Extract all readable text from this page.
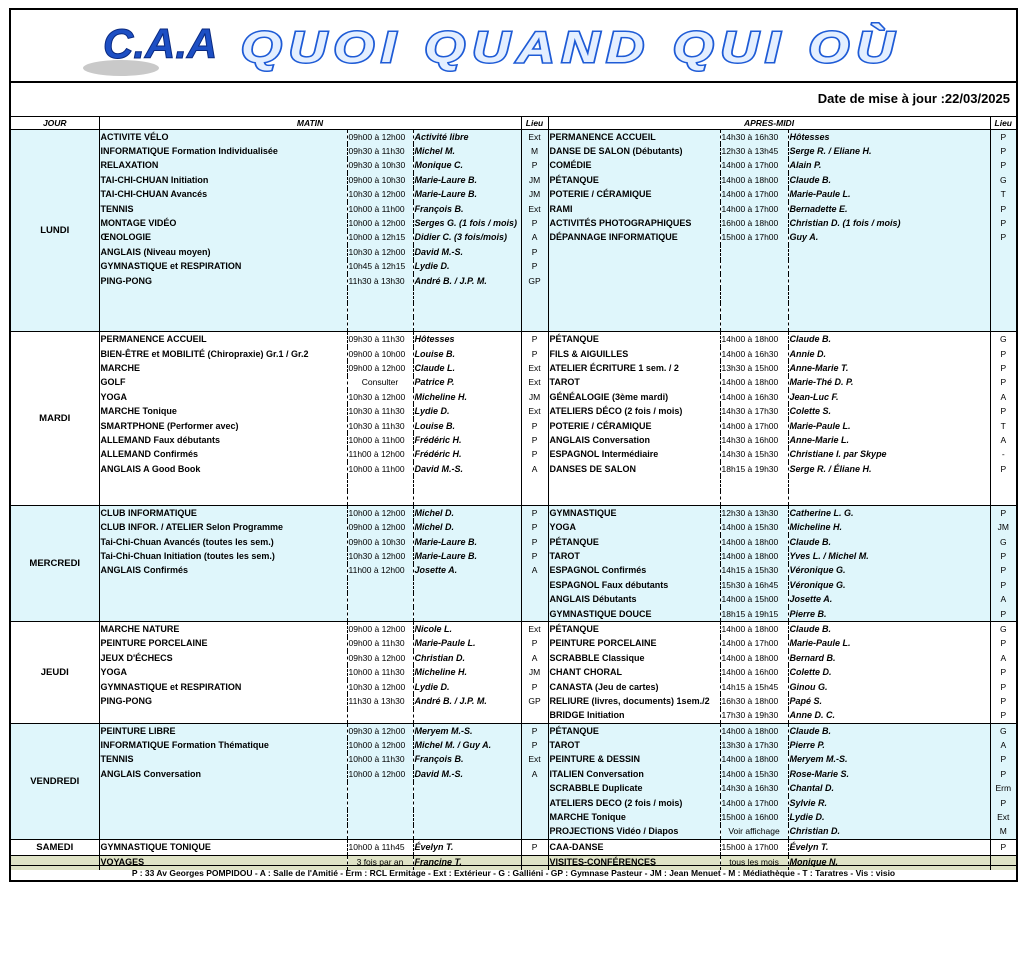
C.A.A QUOI QUAND QUI OÙ
Date de mise à jour :22/03/2025
JOUR	MATIN			Lieu	APRES-MIDI			Lieu
LUNDI	ACTIVITE VÉLO	09h00 à 12h00	Activité libre	Ext	PERMANENCE ACCUEIL	14h30 à 16h30	Hôtesses	P
	INFORMATIQUE Formation Individualisée	09h30 à 11h30	Michel M.	M	DANSE DE SALON (Débutants)	12h30 à 13h45	Serge R. / Eliane H.	P
	RELAXATION	09h30 à 10h30	Monique C.	P	COMÉDIE	14h00 à 17h00	Alain P.	P
	TAI-CHI-CHUAN Initiation	09h00 à 10h30	Marie-Laure B.	JM	PÉTANQUE	14h00 à 18h00	Claude B.	G
	TAI-CHI-CHUAN Avancés	10h30 à 12h00	Marie-Laure B.	JM	POTERIE / CÉRAMIQUE	14h00 à 17h00	Marie-Paule L.	T
	TENNIS	10h00 à 11h00	François B.	Ext	RAMI	14h00 à 17h00	Bernadette E.	P
	MONTAGE VIDÉO	10h00 à 12h00	Serges G. (1 fois / mois)	P	ACTIVITÉS PHOTOGRAPHIQUES	16h00 à 18h00	Christian D. (1 fois / mois)	P
	ŒNOLOGIE	10h00 à 12h15	Didier C. (3 fois/mois)	A	DÉPANNAGE INFORMATIQUE	15h00 à 17h00	Guy A.	P
	ANGLAIS (Niveau moyen)	10h30 à 12h00	David M.-S.	P				
	GYMNASTIQUE et RESPIRATION	10h45 à 12h15	Lydie D.	P				
	PING-PONG	11h30 à 13h30	André B. / J.P. M.	GP				

MARDI	PERMANENCE ACCUEIL	09h30 à 11h30	Hôtesses	P	PÉTANQUE	14h00 à 18h00	Claude B.	G
	BIEN-ÊTRE et MOBILITÉ (Chiropraxie) Gr.1 / Gr.2	09h00 à 10h00	Louise B.	P	FILS & AIGUILLES	14h00 à 16h30	Annie D.	P
	MARCHE	09h00 à 12h00	Claude L.	Ext	ATELIER ÉCRITURE 1 sem. / 2	13h30 à 15h00	Anne-Marie T.	P
	GOLF	Consulter	Patrice P.	Ext	TAROT	14h00 à 18h00	Marie-Thé D. P.	P
	YOGA	10h30 à 12h00	Micheline H.	JM	GÉNÉALOGIE (3ème mardi)	14h00 à 16h30	Jean-Luc F.	A
	MARCHE Tonique	10h30 à 11h30	Lydie D.	Ext	ATELIERS DÉCO (2 fois / mois)	14h30 à 17h30	Colette S.	P
	SMARTPHONE (Performer avec)	10h30 à 11h30	Louise B.	P	POTERIE / CÉRAMIQUE	14h00 à 17h00	Marie-Paule L.	T
	ALLEMAND Faux débutants	10h00 à 11h00	Frédéric H.	P	ANGLAIS Conversation	14h30 à 16h00	Anne-Marie L.	A
	ALLEMAND Confirmés	11h00 à 12h00	Frédéric H.	P	ESPAGNOL Intermédiaire	14h30 à 15h30	Christiane I. par Skype	-
	ANGLAIS A Good Book	10h00 à 11h00	David M.-S.	A	DANSES DE SALON	18h15 à 19h30	Serge R. / Éliane H.	P

MERCREDI	CLUB INFORMATIQUE	10h00 à 12h00	Michel D.	P	GYMNASTIQUE	12h30 à 13h30	Catherine L. G.	P
	CLUB INFOR. / ATELIER Selon Programme	09h00 à 12h00	Michel D.	P	YOGA	14h00 à 15h30	Micheline H.	JM
	Tai-Chi-Chuan Avancés (toutes les sem.)	09h00 à 10h30	Marie-Laure B.	P	PÉTANQUE	14h00 à 18h00	Claude B.	G
	Tai-Chi-Chuan Initiation (toutes les sem.)	10h30 à 12h00	Marie-Laure B.	P	TAROT	14h00 à 18h00	Yves L. / Michel M.	P
	ANGLAIS Confirmés	11h00 à 12h00	Josette A.	A	ESPAGNOL Confirmés	14h15 à 15h30	Véronique G.	P
					ESPAGNOL Faux débutants	15h30 à 16h45	Véronique G.	P
					ANGLAIS Débutants	14h00 à 15h00	Josette A.	A
					GYMNASTIQUE DOUCE	18h15 à 19h15	Pierre B.	P
JEUDI	MARCHE NATURE	09h00 à 12h00	Nicole L.	Ext	PÉTANQUE	14h00 à 18h00	Claude B.	G
	PEINTURE PORCELAINE	09h00 à 11h30	Marie-Paule L.	P	PEINTURE PORCELAINE	14h00 à 17h00	Marie-Paule L.	P
	JEUX D'ÉCHECS	09h30 à 12h00	Christian D.	A	SCRABBLE Classique	14h00 à 18h00	Bernard B.	A
	YOGA	10h00 à 11h30	Micheline H.	JM	CHANT CHORAL	14h00 à 16h00	Colette D.	P
	GYMNASTIQUE et RESPIRATION	10h30 à 12h00	Lydie D.	P	CANASTA (Jeu de cartes)	14h15 à 15h45	Ginou G.	P
	PING-PONG	11h30 à 13h30	André B. / J.P. M.	GP	RELIURE (livres, documents) 1sem./2	16h30 à 18h00	Papé S.	P
					BRIDGE Initiation	17h30 à 19h30	Anne D. C.	P
VENDREDI	PEINTURE LIBRE	09h30 à 12h00	Meryem M.-S.	P	PÉTANQUE	14h00 à 18h00	Claude B.	G
	INFORMATIQUE Formation Thématique	10h00 à 12h00	Michel M. / Guy A.	P	TAROT	13h30 à 17h30	Pierre P.	A
	TENNIS	10h00 à 11h30	François B.	Ext	PEINTURE & DESSIN	14h00 à 18h00	Meryem M.-S.	P
	ANGLAIS Conversation	10h00 à 12h00	David M.-S.	A	ITALIEN Conversation	14h00 à 15h30	Rose-Marie S.	P
					SCRABBLE Duplicate	14h30 à 16h30	Chantal D.	Erm
					ATELIERS DECO (2 fois / mois)	14h00 à 17h00	Sylvie R.	P
					MARCHE Tonique	15h00 à 16h00	Lydie D.	Ext
					PROJECTIONS Vidéo / Diapos	Voir affichage	Christian D.	M
SAMEDI	GYMNASTIQUE TONIQUE	10h00 à 11h45	Évelyn T.	P	CAA-DANSE	15h00 à 17h00	Évelyn T.	P
	VOYAGES	3 fois par an	Francine T.		VISITES-CONFÉRENCES	tous les mois	Monique N.	
P : 33 Av Georges POMPIDOU - A : Salle de l'Amitié - Erm : RCL Ermitage - Ext : Extérieur - G : Galliéni - GP : Gymnase Pasteur - JM : Jean Menuet - M : Médiathèque - T : Taratres - Vis : visio
